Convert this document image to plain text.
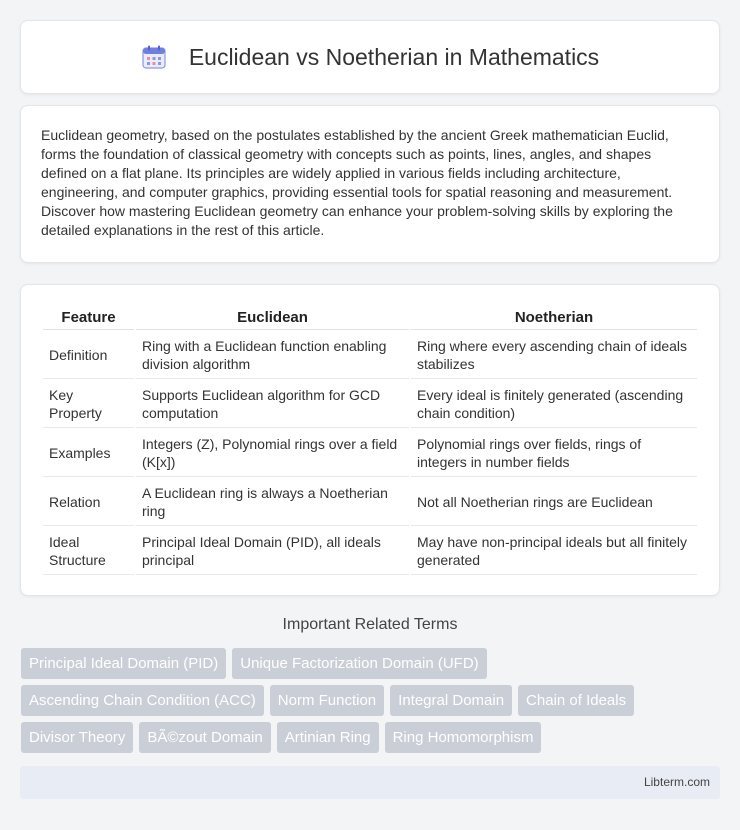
Euclidean vs Noetherian in Mathematics

Euclidean geometry, based on the postulates established by the ancient Greek mathematician Euclid, forms the foundation of classical geometry with concepts such as points, lines, angles, and shapes defined on a flat plane. Its principles are widely applied in various fields including architecture, engineering, and computer graphics, providing essential tools for spatial reasoning and measurement. Discover how mastering Euclidean geometry can enhance your problem-solving skills by exploring the detailed explanations in the rest of this article.

Feature	Euclidean	Noetherian
Definition	Ring with a Euclidean function enabling division algorithm	Ring where every ascending chain of ideals stabilizes
Key Property	Supports Euclidean algorithm for GCD computation	Every ideal is finitely generated (ascending chain condition)
Examples	Integers (Z), Polynomial rings over a field (K[x])	Polynomial rings over fields, rings of integers in number fields
Relation	A Euclidean ring is always a Noetherian ring	Not all Noetherian rings are Euclidean
Ideal Structure	Principal Ideal Domain (PID), all ideals principal	May have non-principal ideals but all finitely generated
Important Related Terms
Principal Ideal Domain (PID)	Unique Factorization Domain (UFD)
Ascending Chain Condition (ACC)	Norm Function	Integral Domain	Chain of Ideals
Divisor Theory	BÃ©zout Domain	Artinian Ring	Ring Homomorphism
Libterm.com
